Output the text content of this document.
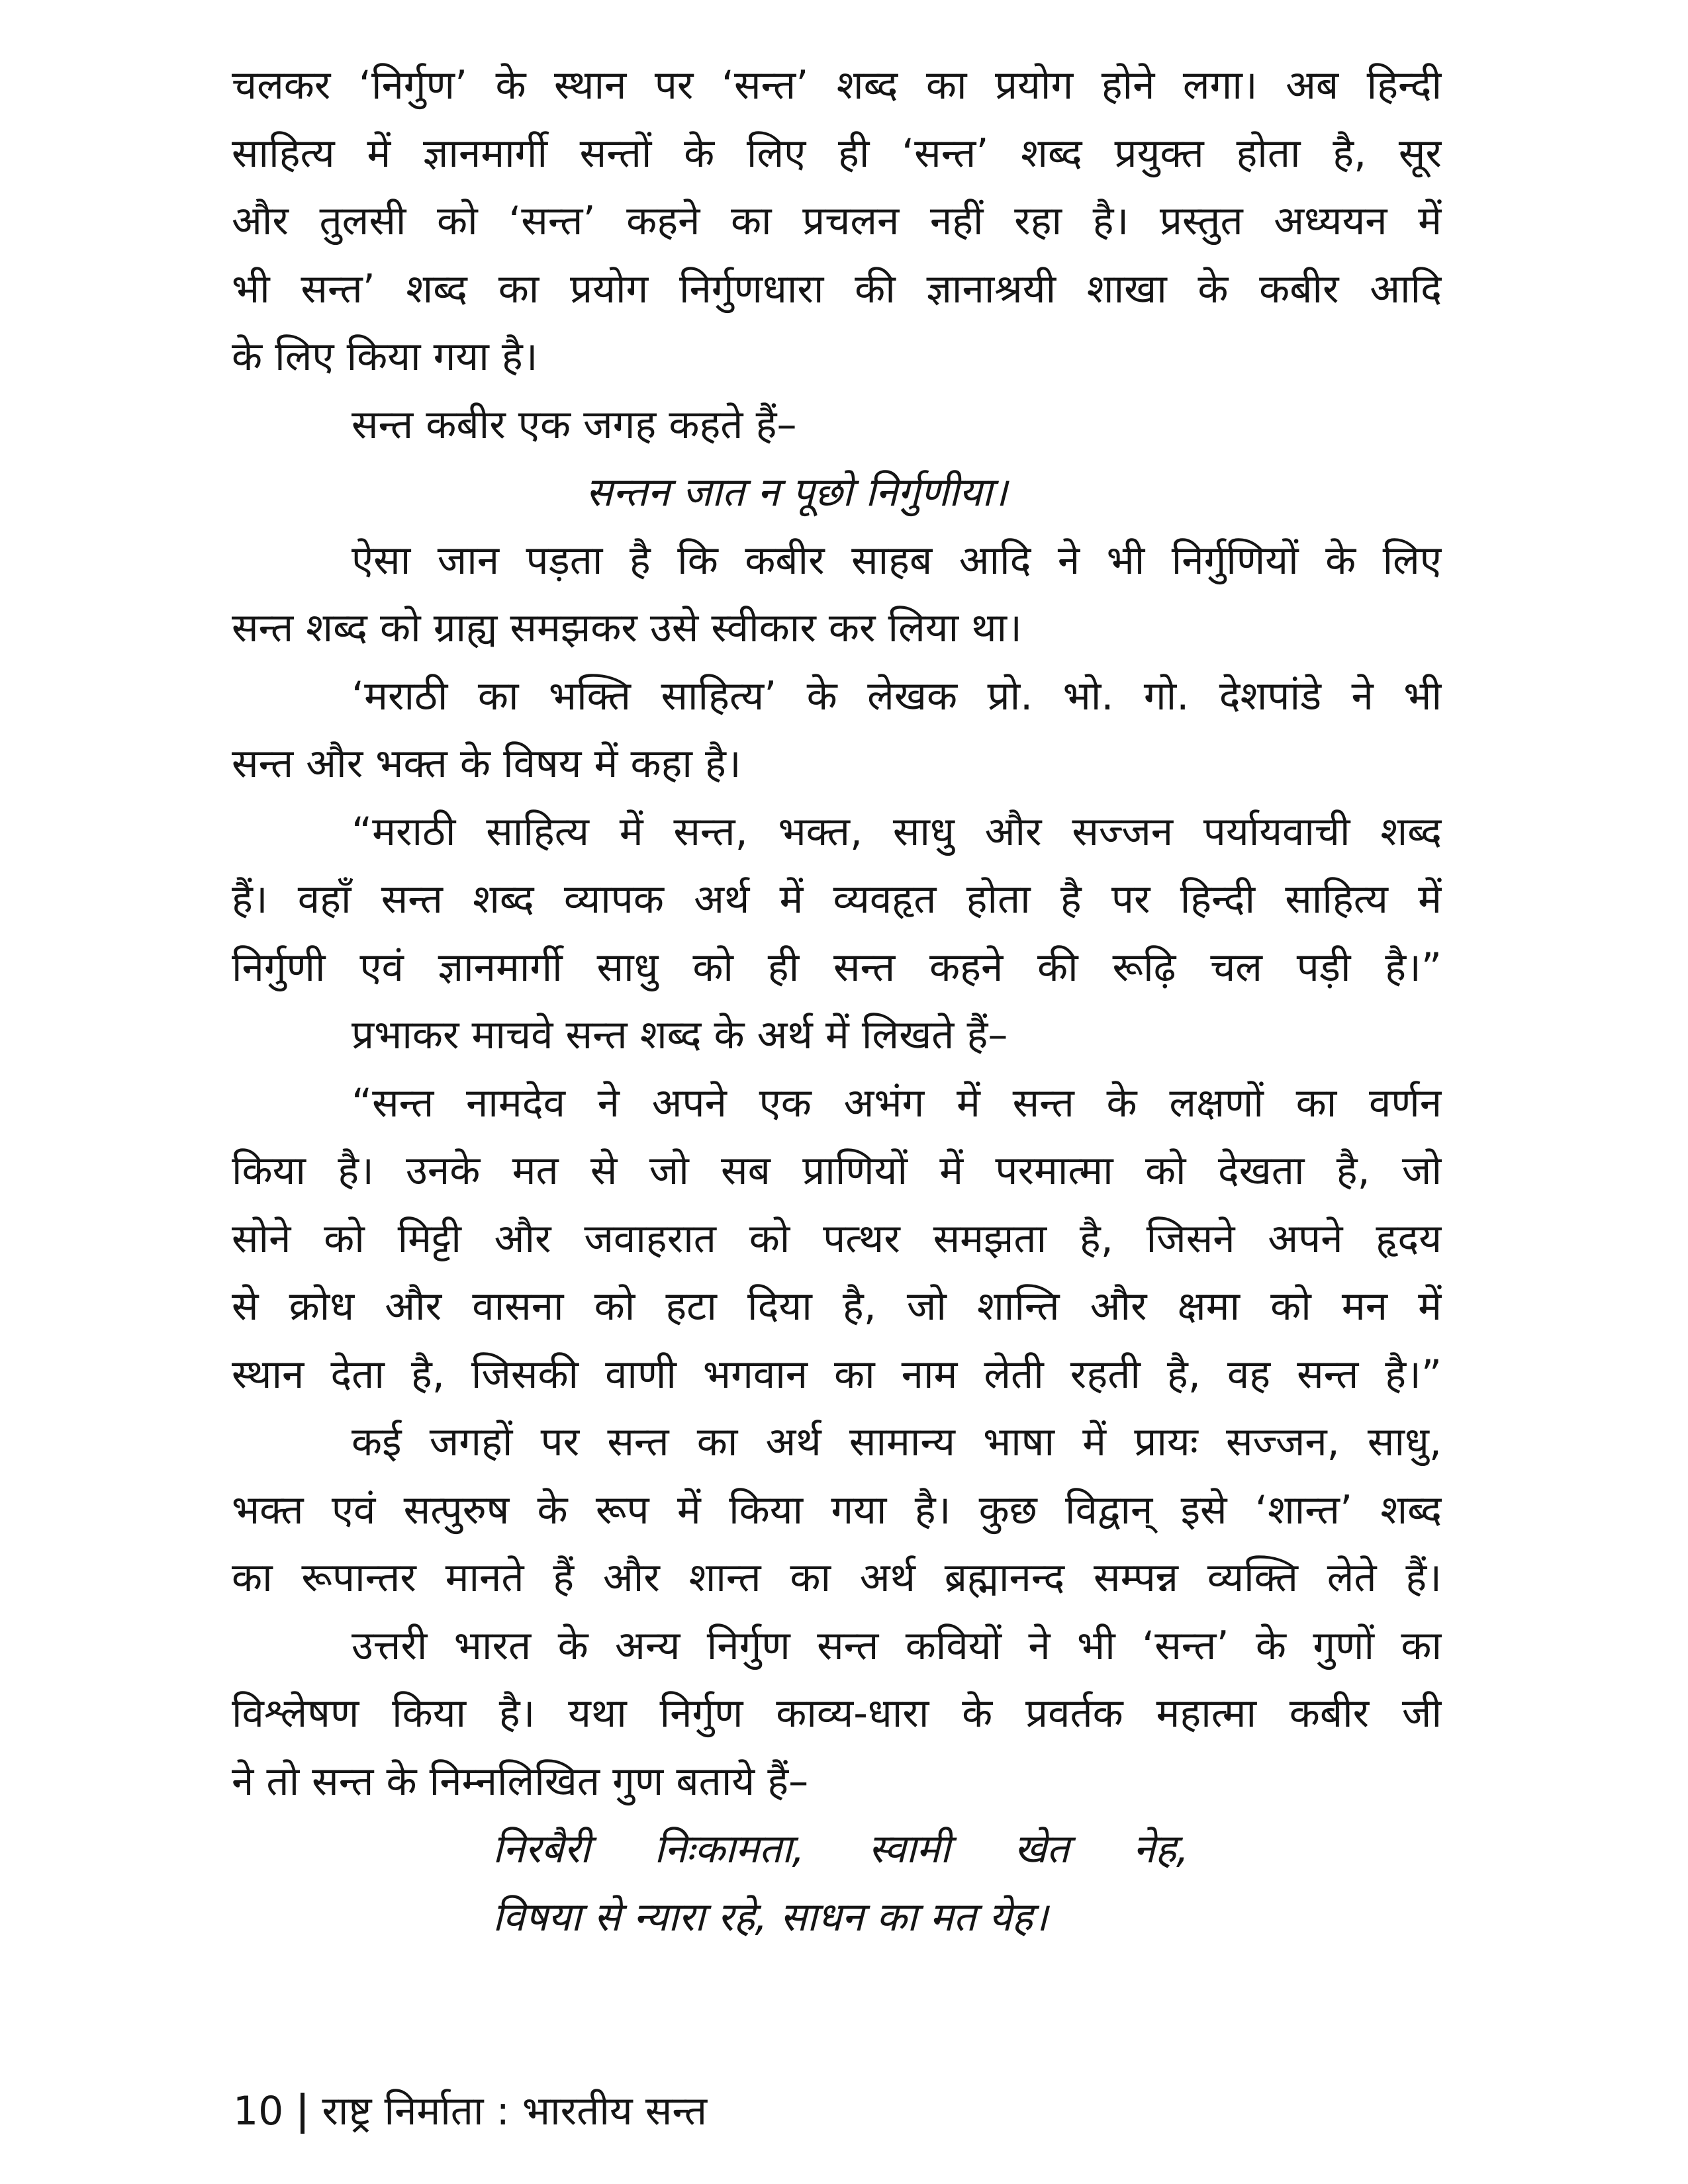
चलकर ‘निर्गुण’ के स्थान पर ‘सन्त’ शब्द का प्रयोग होने लगा। अब हिन्दी
साहित्य में ज्ञानमार्गी सन्तों के लिए ही ‘सन्त’ शब्द प्रयुक्त होता है, सूर
और तुलसी को ‘सन्त’ कहने का प्रचलन नहीं रहा है। प्रस्तुत अध्ययन में
भी सन्त’ शब्द का प्रयोग निर्गुणधारा की ज्ञानाश्रयी शाखा के कबीर आदि
के लिए किया गया है।
सन्त कबीर एक जगह कहते हैं–
सन्तन जात न पूछो निर्गुणीया।
ऐसा जान पड़ता है कि कबीर साहब आदि ने भी निर्गुणियों के लिए
सन्त शब्द को ग्राह्य समझकर उसे स्वीकार कर लिया था।
‘मराठी का भक्ति साहित्य’ के लेखक प्रो. भो. गो. देशपांडे ने भी
सन्त और भक्त के विषय में कहा है।
“मराठी साहित्य में सन्त, भक्त, साधु और सज्जन पर्यायवाची शब्द
हैं। वहाँ सन्त शब्द व्यापक अर्थ में व्यवहृत होता है पर हिन्दी साहित्य में
निर्गुणी एवं ज्ञानमार्गी साधु को ही सन्त कहने की रूढ़ि चल पड़ी है।”
प्रभाकर माचवे सन्त शब्द के अर्थ में लिखते हैं–
“सन्त नामदेव ने अपने एक अभंग में सन्त के लक्षणों का वर्णन
किया है। उनके मत से जो सब प्राणियों में परमात्मा को देखता है, जो
सोने को मिट्टी और जवाहरात को पत्थर समझता है, जिसने अपने हृदय
से क्रोध और वासना को हटा दिया है, जो शान्ति और क्षमा को मन में
स्थान देता है, जिसकी वाणी भगवान का नाम लेती रहती है, वह सन्त है।”
कई जगहों पर सन्त का अर्थ सामान्य भाषा में प्रायः सज्जन, साधु,
भक्त एवं सत्पुरुष के रूप में किया गया है। कुछ विद्वान् इसे ‘शान्त’ शब्द
का रूपान्तर मानते हैं और शान्त का अर्थ ब्रह्मानन्द सम्पन्न व्यक्ति लेते हैं।
उत्तरी भारत के अन्य निर्गुण सन्त कवियों ने भी ‘सन्त’ के गुणों का
विश्लेषण किया है। यथा निर्गुण काव्य-धारा के प्रवर्तक महात्मा कबीर जी
ने तो सन्त के निम्नलिखित गुण बताये हैं–
निरबैरी निःकामता, स्वामी खेत नेह,
विषया से न्यारा रहे, साधन का मत येह।
10 राष्ट्र निर्माता : भारतीय सन्त
